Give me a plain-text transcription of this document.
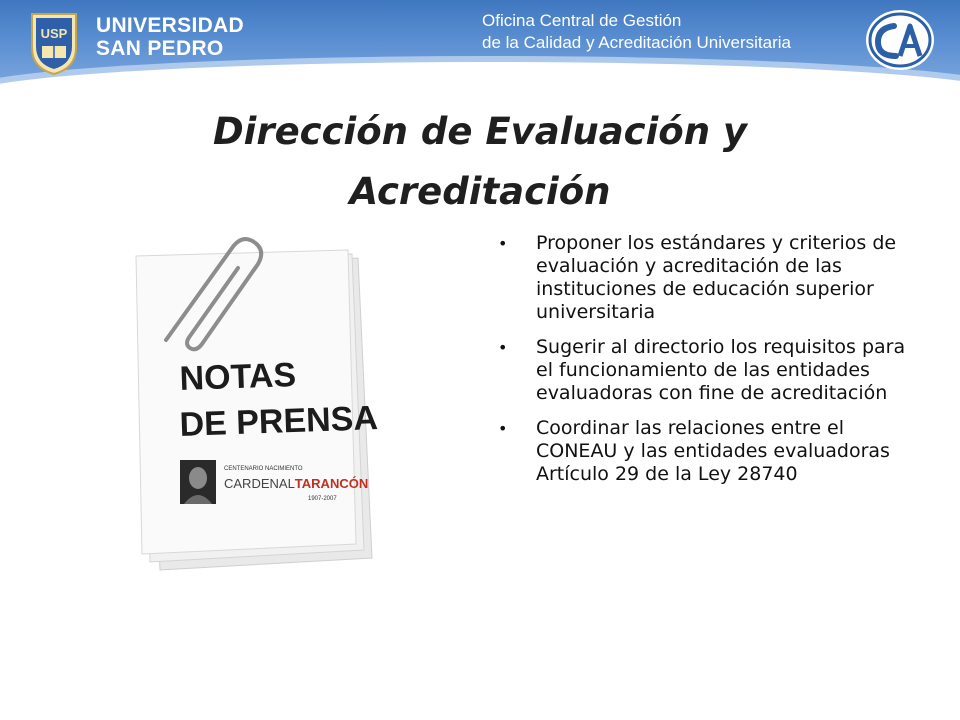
USP UNIVERSIDAD
SAN PEDRO
Oficina Central de Gestión
de la Calidad y Acreditación Universitaria
Dirección de Evaluación y
Acreditación
NOTAS
DE PRENSA
CENTENARIO NACIMIENTO
CARDENALTARANCÓN
1907-2007
• Proponer los estándares y criterios de evaluación y acreditación de las instituciones de educación superior universitaria
• Sugerir al directorio los requisitos para el funcionamiento de las entidades evaluadoras con fine de acreditación
• Coordinar las relaciones entre el CONEAU y las entidades evaluadoras Artículo 29 de la Ley 28740
